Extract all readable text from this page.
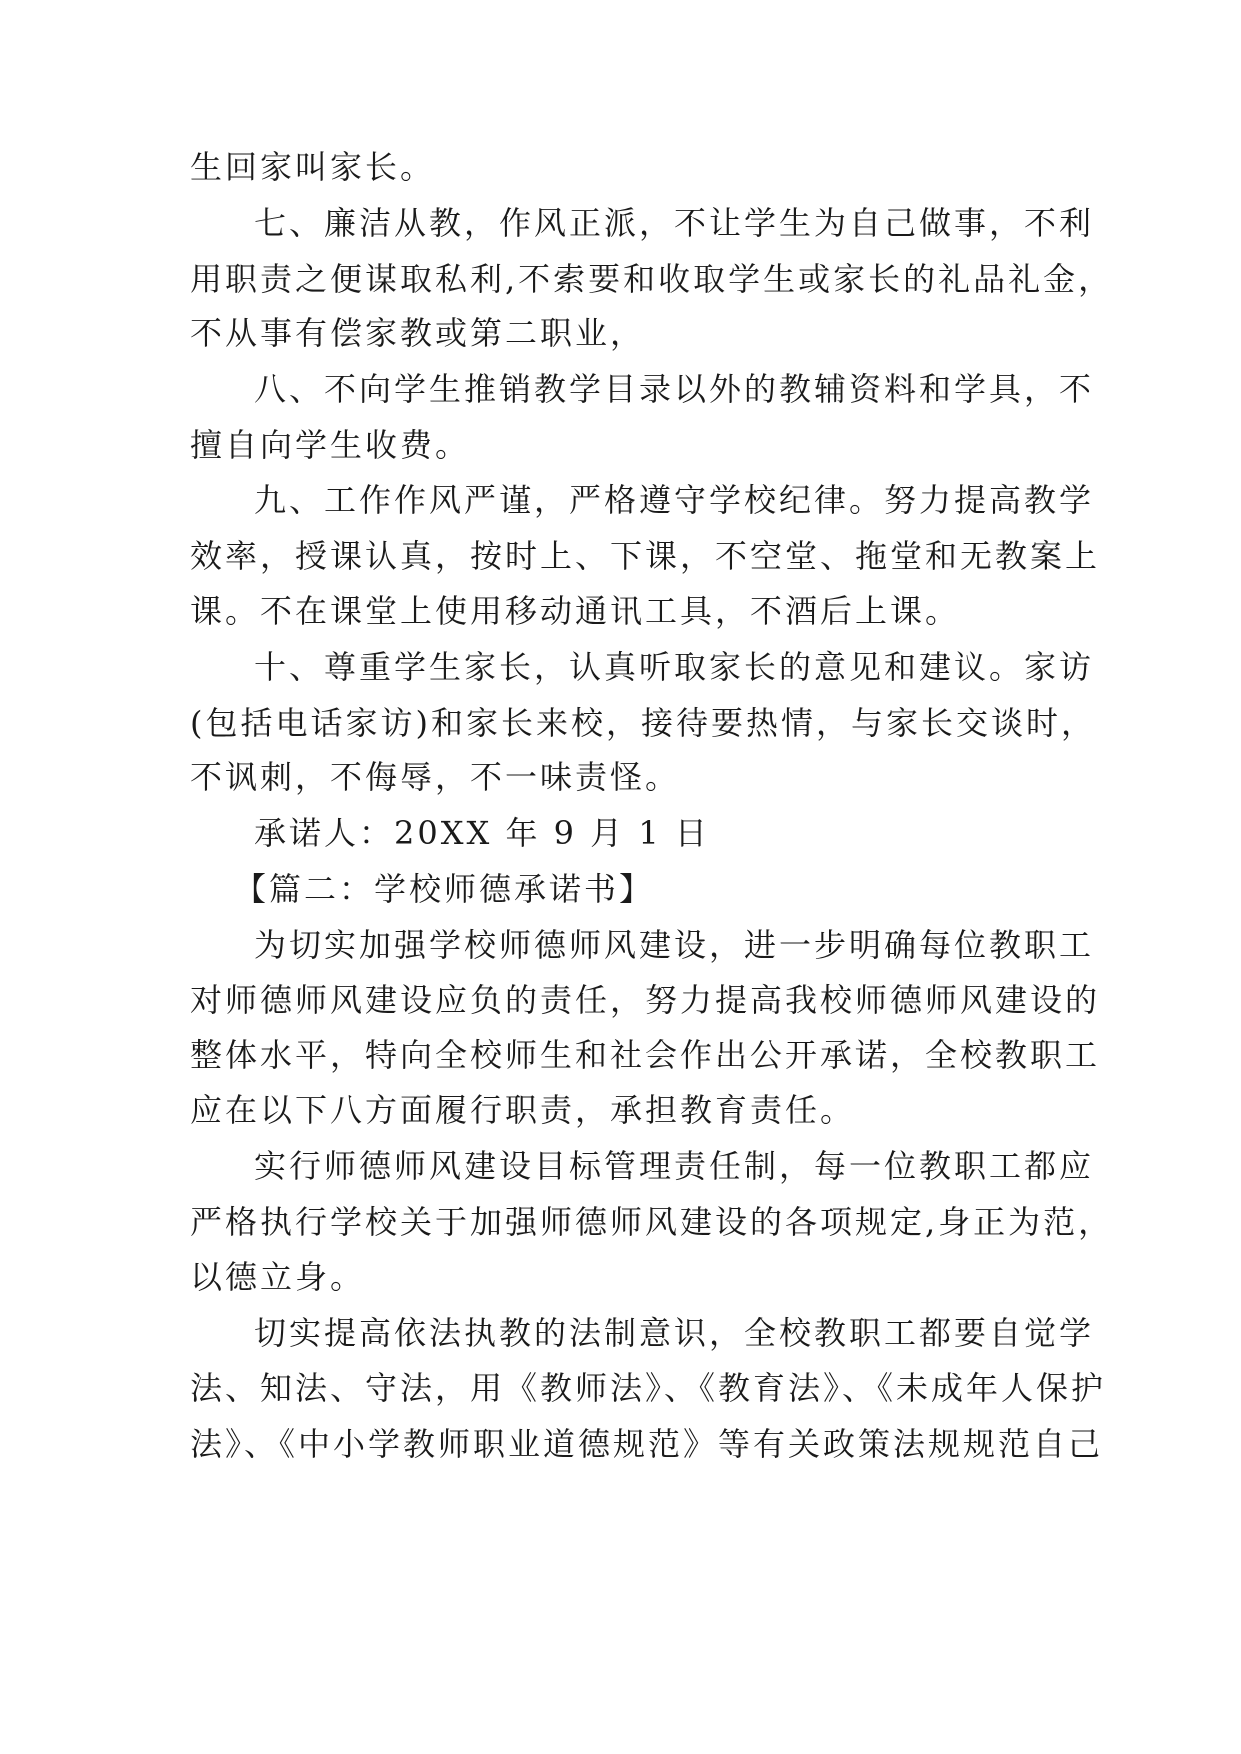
生回家叫家长。
七、廉洁从教，作风正派，不让学生为自己做事，不利
用职责之便谋取私利,不索要和收取学生或家长的礼品礼金，
不从事有偿家教或第二职业，
八、不向学生推销教学目录以外的教辅资料和学具，不
擅自向学生收费。
九、工作作风严谨，严格遵守学校纪律。努力提高教学
效率，授课认真，按时上、下课，不空堂、拖堂和无教案上
课。不在课堂上使用移动通讯工具，不酒后上课。
十、尊重学生家长，认真听取家长的意见和建议。家访
(包括电话家访)和家长来校，接待要热情，与家长交谈时，
不讽刺，不侮辱，不一味责怪。
承诺人：20XX 年 9 月 1 日
【篇二：学校师德承诺书】
为切实加强学校师德师风建设，进一步明确每位教职工
对师德师风建设应负的责任，努力提高我校师德师风建设的
整体水平，特向全校师生和社会作出公开承诺，全校教职工
应在以下八方面履行职责，承担教育责任。
实行师德师风建设目标管理责任制，每一位教职工都应
严格执行学校关于加强师德师风建设的各项规定,身正为范，
以德立身。
切实提高依法执教的法制意识，全校教职工都要自觉学
法、知法、守法，用《教师法》、《教育法》、《未成年人保护
法》、《中小学教师职业道德规范》等有关政策法规规范自己
